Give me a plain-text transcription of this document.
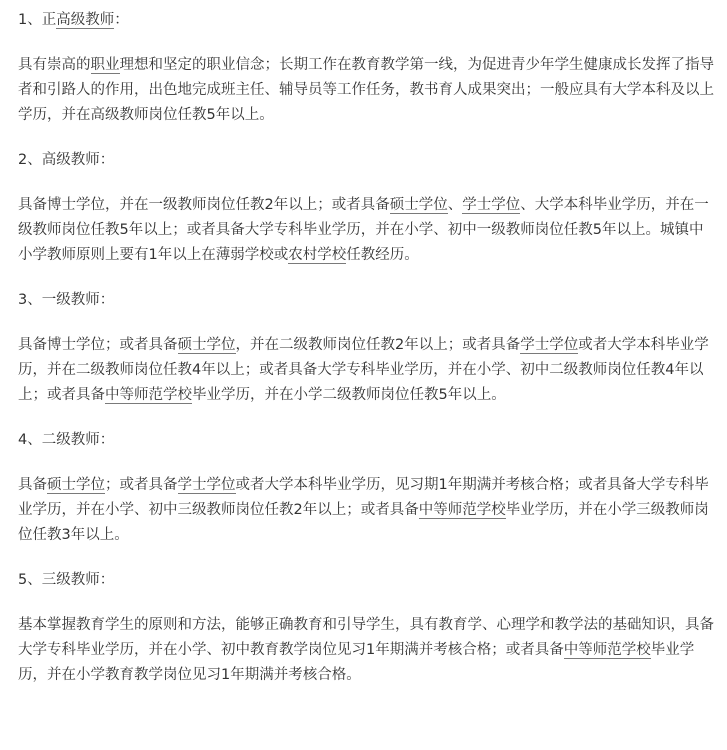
1、正高级教师：

具有崇高的职业理想和坚定的职业信念；长期工作在教育教学第一线，为促进青少年学生健康成长发挥了指导者和引路人的作用，出色地完成班主任、辅导员等工作任务，教书育人成果突出；一般应具有大学本科及以上学历，并在高级教师岗位任教5年以上。

2、高级教师：

具备博士学位，并在一级教师岗位任教2年以上；或者具备硕士学位、学士学位、大学本科毕业学历，并在一级教师岗位任教5年以上；或者具备大学专科毕业学历，并在小学、初中一级教师岗位任教5年以上。城镇中小学教师原则上要有1年以上在薄弱学校或农村学校任教经历。

3、一级教师：

具备博士学位；或者具备硕士学位，并在二级教师岗位任教2年以上；或者具备学士学位或者大学本科毕业学历，并在二级教师岗位任教4年以上；或者具备大学专科毕业学历，并在小学、初中二级教师岗位任教4年以上；或者具备中等师范学校毕业学历，并在小学二级教师岗位任教5年以上。

4、二级教师：

具备硕士学位；或者具备学士学位或者大学本科毕业学历，见习期1年期满并考核合格；或者具备大学专科毕业学历，并在小学、初中三级教师岗位任教2年以上；或者具备中等师范学校毕业学历，并在小学三级教师岗位任教3年以上。

5、三级教师：

基本掌握教育学生的原则和方法，能够正确教育和引导学生，具有教育学、心理学和教学法的基础知识，具备大学专科毕业学历，并在小学、初中教育教学岗位见习1年期满并考核合格；或者具备中等师范学校毕业学历，并在小学教育教学岗位见习1年期满并考核合格。
